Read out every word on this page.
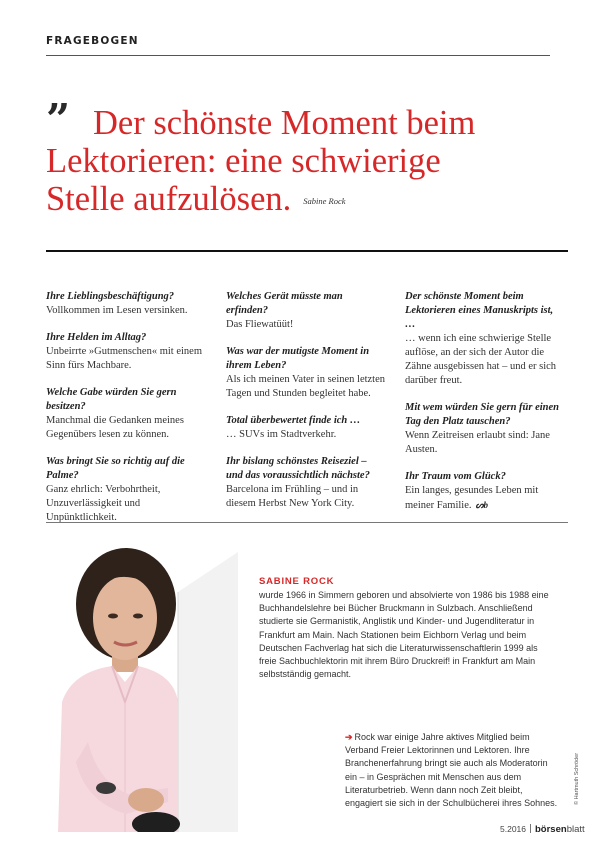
FRAGEBOGEN
” Der schönste Moment beim
Lektorieren: eine schwierige
Stelle aufzulösen. Sabine Rock

Ihre Lieblingsbeschäftigung?

Vollkommen im Lesen versinken.

Ihre Helden im Alltag?

Unbeirrte »Gutmenschen« mit einem Sinn fürs Machbare.

Welche Gabe würden Sie gern besitzen?

Manchmal die Gedanken meines Gegenübers lesen zu können.

Was bringt Sie so richtig auf die Palme?

Ganz ehrlich: Verbohrtheit, Unzuverlässigkeit und Unpünktlichkeit.

Welches Gerät müsste man erfinden?

Das Fliewatüüt!

Was war der mutigste Moment in ihrem Leben?

Als ich meinen Vater in seinen letzten Tagen und Stunden begleitet habe.

Total überbewertet finde ich …

… SUVs im Stadtverkehr.

Ihr bislang schönstes Reiseziel – und das voraussichtlich nächste?

Barcelona im Frühling – und in diesem Herbst New York City.

Der schönste Moment beim Lektorieren eines Manuskripts ist, …

… wenn ich eine schwierige Stelle auflöse, an der sich der Autor die Zähne ausgebissen hat – und er sich darüber freut.

Mit wem würden Sie gern für einen Tag den Platz tauschen?

Wenn Zeitreisen erlaubt sind: Jane Austen.

Ihr Traum vom Glück?

Ein langes, gesundes Leben mit meiner Familie. ᔕb

SABINE ROCK

wurde 1966 in Simmern geboren und absolvierte von 1986 bis 1988 eine Buchhandelslehre bei Bücher Bruckmann in Sulzbach. Anschließend studierte sie Germanistik, Anglistik und Kinder- und Jugendliteratur in Frankfurt am Main. Nach Stationen beim Eichborn Verlag und beim Deutschen Fachverlag hat sich die Literaturwissenschaftlerin 1999 als freie Sachbuchlektorin mit ihrem Büro Druckreif! in Frankfurt am Main selbstständig gemacht.

➔ Rock war einige Jahre aktives Mitglied beim Verband Freier Lektorinnen und Lektoren. Ihre Branchenerfahrung bringt sie auch als Moderatorin ein – in Gesprächen mit Menschen aus dem Literaturbetrieb. Wenn dann noch Zeit bleibt, engagiert sie sich in der Schulbücherei ihres Sohnes.	© Hartmuth Schröder

5.2016 börsenblatt
